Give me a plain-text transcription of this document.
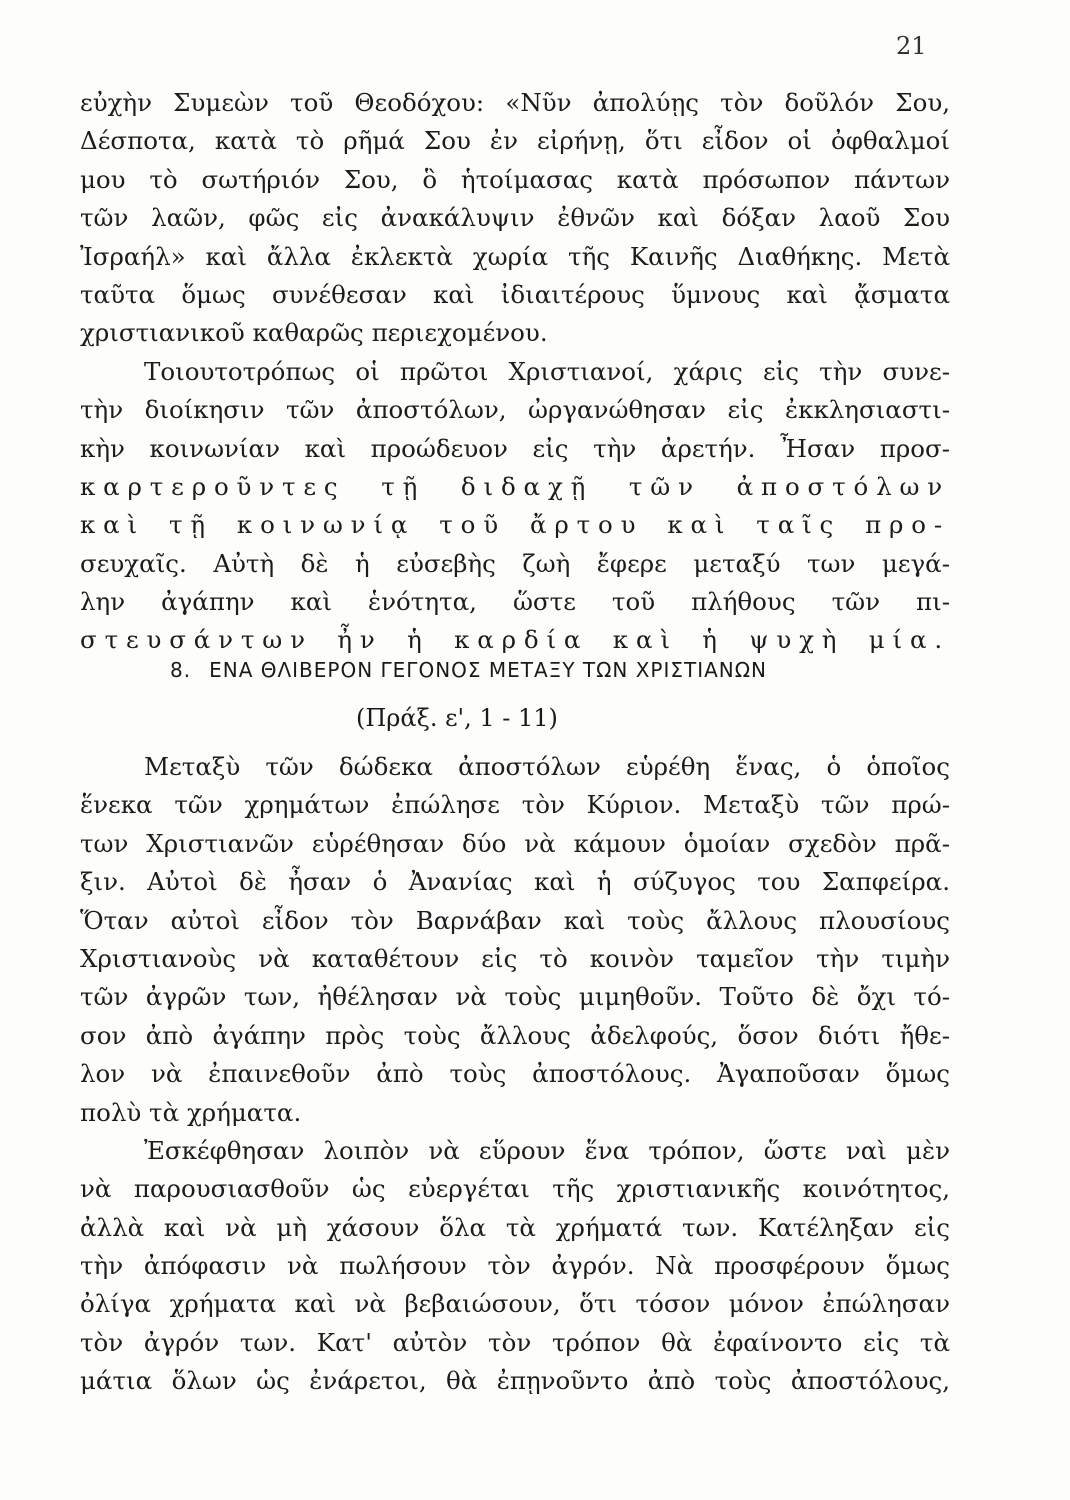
21
εὐχὴν Συμεὼν τοῦ Θεοδόχου: «Νῦν ἀπολύῃς τὸν δοῦλόν Σου,
Δέσποτα, κατὰ τὸ ρῆμά Σου ἐν εἰρήνῃ, ὅτι εἶδον οἱ ὀφθαλμοί
μου τὸ σωτήριόν Σου, ὃ ἡτοίμασας κατὰ πρόσωπον πάντων
τῶν λαῶν, φῶς εἰς ἀνακάλυψιν ἐθνῶν καὶ δόξαν λαοῦ Σου
Ἰσραήλ» καὶ ἄλλα ἐκλεκτὰ χωρία τῆς Καινῆς Διαθήκης. Μετὰ
ταῦτα ὅμως συνέθεσαν καὶ ἰδιαιτέρους ὕμνους καὶ ᾄσματα
χριστιανικοῦ καθαρῶς περιεχομένου.
Τοιουτοτρόπως οἱ πρῶτοι Χριστιανοί, χάρις εἰς τὴν συνε-
τὴν διοίκησιν τῶν ἀποστόλων, ὠργανώθησαν εἰς ἐκκλησιαστι-
κὴν κοινωνίαν καὶ προώδευον εἰς τὴν ἀρετήν. Ἦσαν προσ-
καρτεροῦντες τῇ διδαχῇ τῶν ἀποστόλων
καὶ τῇ κοινωνίᾳ τοῦ ἄρτου καὶ ταῖς προ-
σευχαῖς. Αὐτὴ δὲ ἡ εὐσεβὴς ζωὴ ἔφερε μεταξύ των μεγά-
λην ἀγάπην καὶ ἑνότητα, ὥστε τοῦ πλήθους τῶν πι-
στευσάντων ἦν ἡ καρδία καὶ ἡ ψυχὴ μία.
8. ΕΝΑ ΘΛΙΒΕΡΟΝ ΓΕΓΟΝΟΣ ΜΕΤΑΞΥ ΤΩΝ ΧΡΙΣΤΙΑΝΩΝ
(Πράξ. ε', 1 - 11)
Μεταξὺ τῶν δώδεκα ἀποστόλων εὑρέθη ἕνας, ὁ ὁποῖος
ἕνεκα τῶν χρημάτων ἐπώλησε τὸν Κύριον. Μεταξὺ τῶν πρώ-
των Χριστιανῶν εὑρέθησαν δύο νὰ κάμουν ὁμοίαν σχεδὸν πρᾶ-
ξιν. Αὐτοὶ δὲ ἦσαν ὁ Ἀνανίας καὶ ἡ σύζυγος του Σαπφείρα.
Ὅταν αὐτοὶ εἶδον τὸν Βαρνάβαν καὶ τοὺς ἄλλους πλουσίους
Χριστιανοὺς νὰ καταθέτουν εἰς τὸ κοινὸν ταμεῖον τὴν τιμὴν
τῶν ἀγρῶν των, ἠθέλησαν νὰ τοὺς μιμηθοῦν. Τοῦτο δὲ ὄχι τό-
σον ἀπὸ ἀγάπην πρὸς τοὺς ἄλλους ἀδελφούς, ὅσον διότι ἤθε-
λον νὰ ἐπαινεθοῦν ἀπὸ τοὺς ἀποστόλους. Ἀγαποῦσαν ὅμως
πολὺ τὰ χρήματα.
Ἐσκέφθησαν λοιπὸν νὰ εὕρουν ἕνα τρόπον, ὥστε ναὶ μὲν
νὰ παρουσιασθοῦν ὡς εὐεργέται τῆς χριστιανικῆς κοινότητος,
ἀλλὰ καὶ νὰ μὴ χάσουν ὅλα τὰ χρήματά των. Κατέληξαν εἰς
τὴν ἀπόφασιν νὰ πωλήσουν τὸν ἀγρόν. Νὰ προσφέρουν ὅμως
ὀλίγα χρήματα καὶ νὰ βεβαιώσουν, ὅτι τόσον μόνον ἐπώλησαν
τὸν ἀγρόν των. Κατ' αὐτὸν τὸν τρόπον θὰ ἐφαίνοντο εἰς τὰ
μάτια ὅλων ὡς ἐνάρετοι, θὰ ἐπῃνοῦντο ἀπὸ τοὺς ἀποστόλους,
